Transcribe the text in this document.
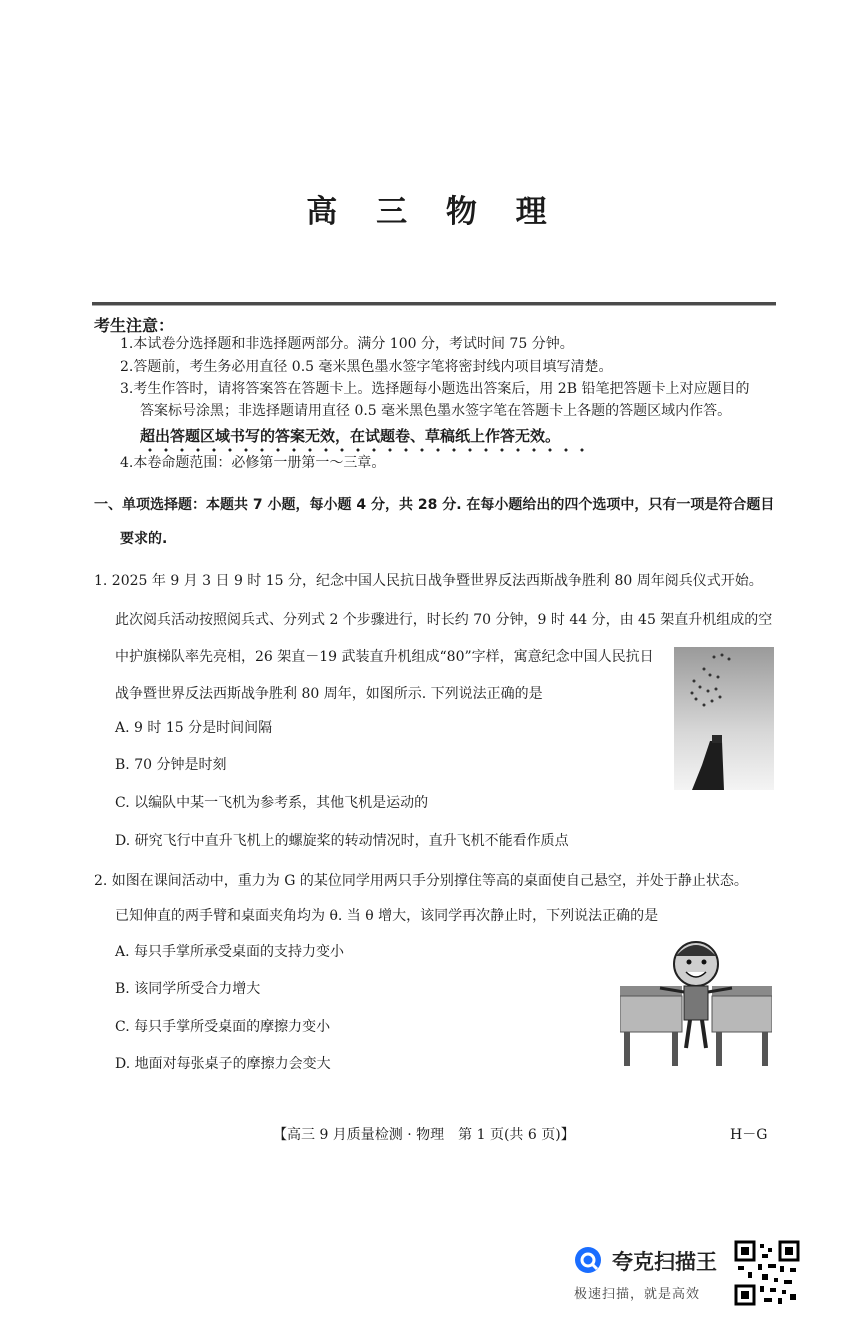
高 三 物 理
考生注意：
1.本试卷分选择题和非选择题两部分。满分 100 分，考试时间 75 分钟。
2.答题前，考生务必用直径 0.5 毫米黑色墨水签字笔将密封线内项目填写清楚。
3.考生作答时，请将答案答在答题卡上。选择题每小题选出答案后，用 2B 铅笔把答题卡上对应题目的
答案标号涂黑；非选择题请用直径 0.5 毫米黑色墨水签字笔在答题卡上各题的答题区域内作答。
超出答题区域书写的答案无效，在试题卷、草稿纸上作答无效。
4.本卷命题范围：必修第一册第一～三章。
一、单项选择题：本题共 7 小题，每小题 4 分，共 28 分. 在每小题给出的四个选项中，只有一项是符合题目
要求的.
1. 2025 年 9 月 3 日 9 时 15 分，纪念中国人民抗日战争暨世界反法西斯战争胜利 80 周年阅兵仪式开始。
此次阅兵活动按照阅兵式、分列式 2 个步骤进行，时长约 70 分钟，9 时 44 分，由 45 架直升机组成的空
中护旗梯队率先亮相，26 架直－19 武装直升机组成“80”字样，寓意纪念中国人民抗日
战争暨世界反法西斯战争胜利 80 周年，如图所示. 下列说法正确的是
A. 9 时 15 分是时间间隔
B. 70 分钟是时刻
C. 以编队中某一飞机为参考系，其他飞机是运动的
D. 研究飞行中直升飞机上的螺旋桨的转动情况时，直升飞机不能看作质点
2. 如图在课间活动中，重力为 G 的某位同学用两只手分别撑住等高的桌面使自己悬空，并处于静止状态。
已知伸直的两手臂和桌面夹角均为 θ. 当 θ 增大，该同学再次静止时，下列说法正确的是
A. 每只手掌所承受桌面的支持力变小
B. 该同学所受合力增大
C. 每只手掌所受桌面的摩擦力变小
D. 地面对每张桌子的摩擦力会变大
【高三 9 月质量检测 · 物理　第 1 页(共 6 页)】	H－G
夸克扫描王
极速扫描，就是高效
